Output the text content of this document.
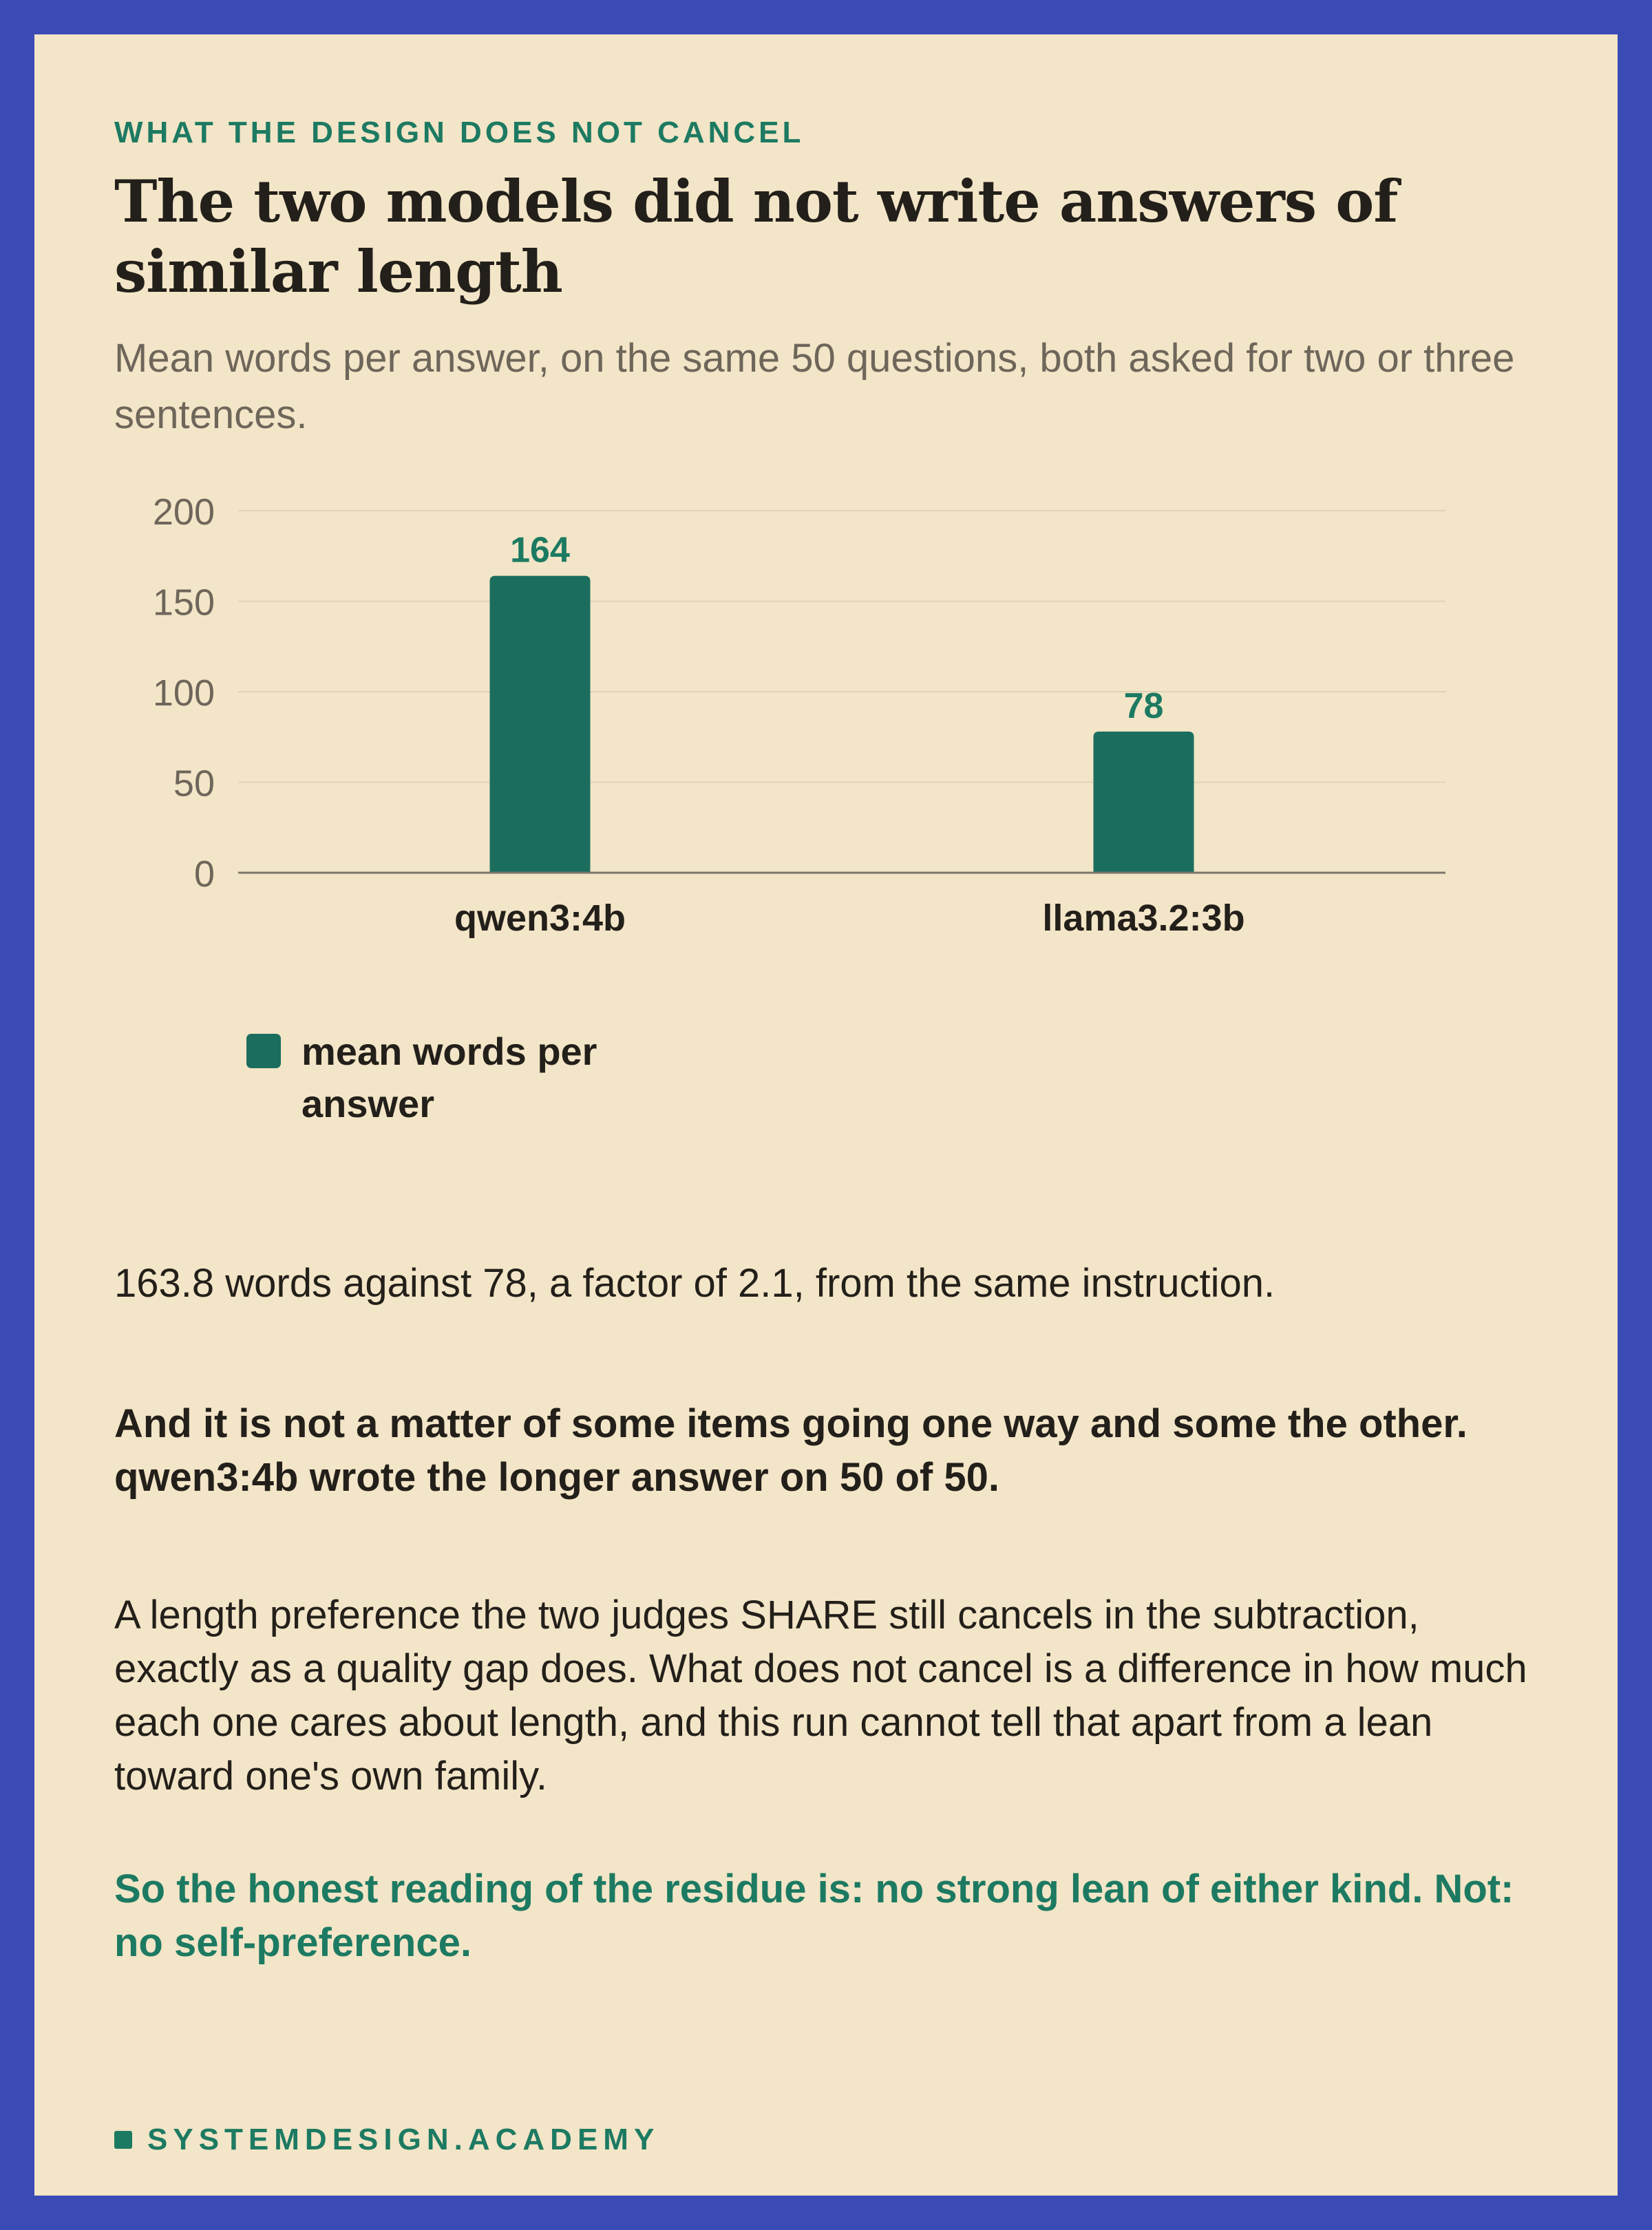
WHAT THE DESIGN DOES NOT CANCEL

The two models did not write answers of similar length

Mean words per answer, on the same 50 questions, both asked for two or three sentences.

0
50
100
150
200
164
qwen3:4b
78
llama3.2:3b
mean words per answer

163.8 words against 78, a factor of 2.1, from the same instruction.

And it is not a matter of some items going one way and some the other. qwen3:4b wrote the longer answer on 50 of 50.

A length preference the two judges SHARE still cancels in the subtraction, exactly as a quality gap does. What does not cancel is a difference in how much each one cares about length, and this run cannot tell that apart from a lean toward one's own family.

So the honest reading of the residue is: no strong lean of either kind. Not: no self-preference.

SYSTEMDESIGN.ACADEMY
